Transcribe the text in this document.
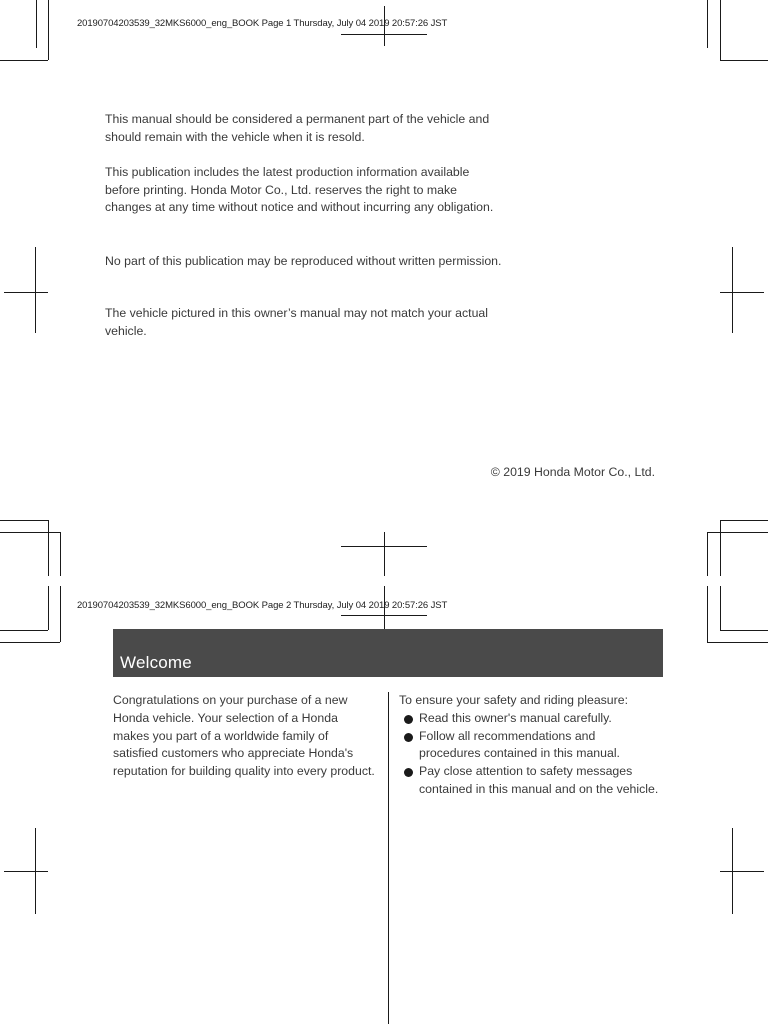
20190704203539_32MKS6000_eng_BOOK Page 1 Thursday, July 04 2019 20:57:26 JST

This manual should be considered a permanent part of the vehicle and should remain with the vehicle when it is resold.

This publication includes the latest production information available before printing. Honda Motor Co., Ltd. reserves the right to make changes at any time without notice and without incurring any obligation.

No part of this publication may be reproduced without written permission.

The vehicle pictured in this owner’s manual may not match your actual vehicle.

© 2019 Honda Motor Co., Ltd.
20190704203539_32MKS6000_eng_BOOK Page 2 Thursday, July 04 2019 20:57:26 JST
Welcome
Congratulations on your purchase of a new Honda vehicle. Your selection of a Honda makes you part of a worldwide family of satisfied customers who appreciate Honda's reputation for building quality into every product.
To ensure your safety and riding pleasure:
Read this owner's manual carefully.
Follow all recommendations and procedures contained in this manual.
Pay close attention to safety messages contained in this manual and on the vehicle.
